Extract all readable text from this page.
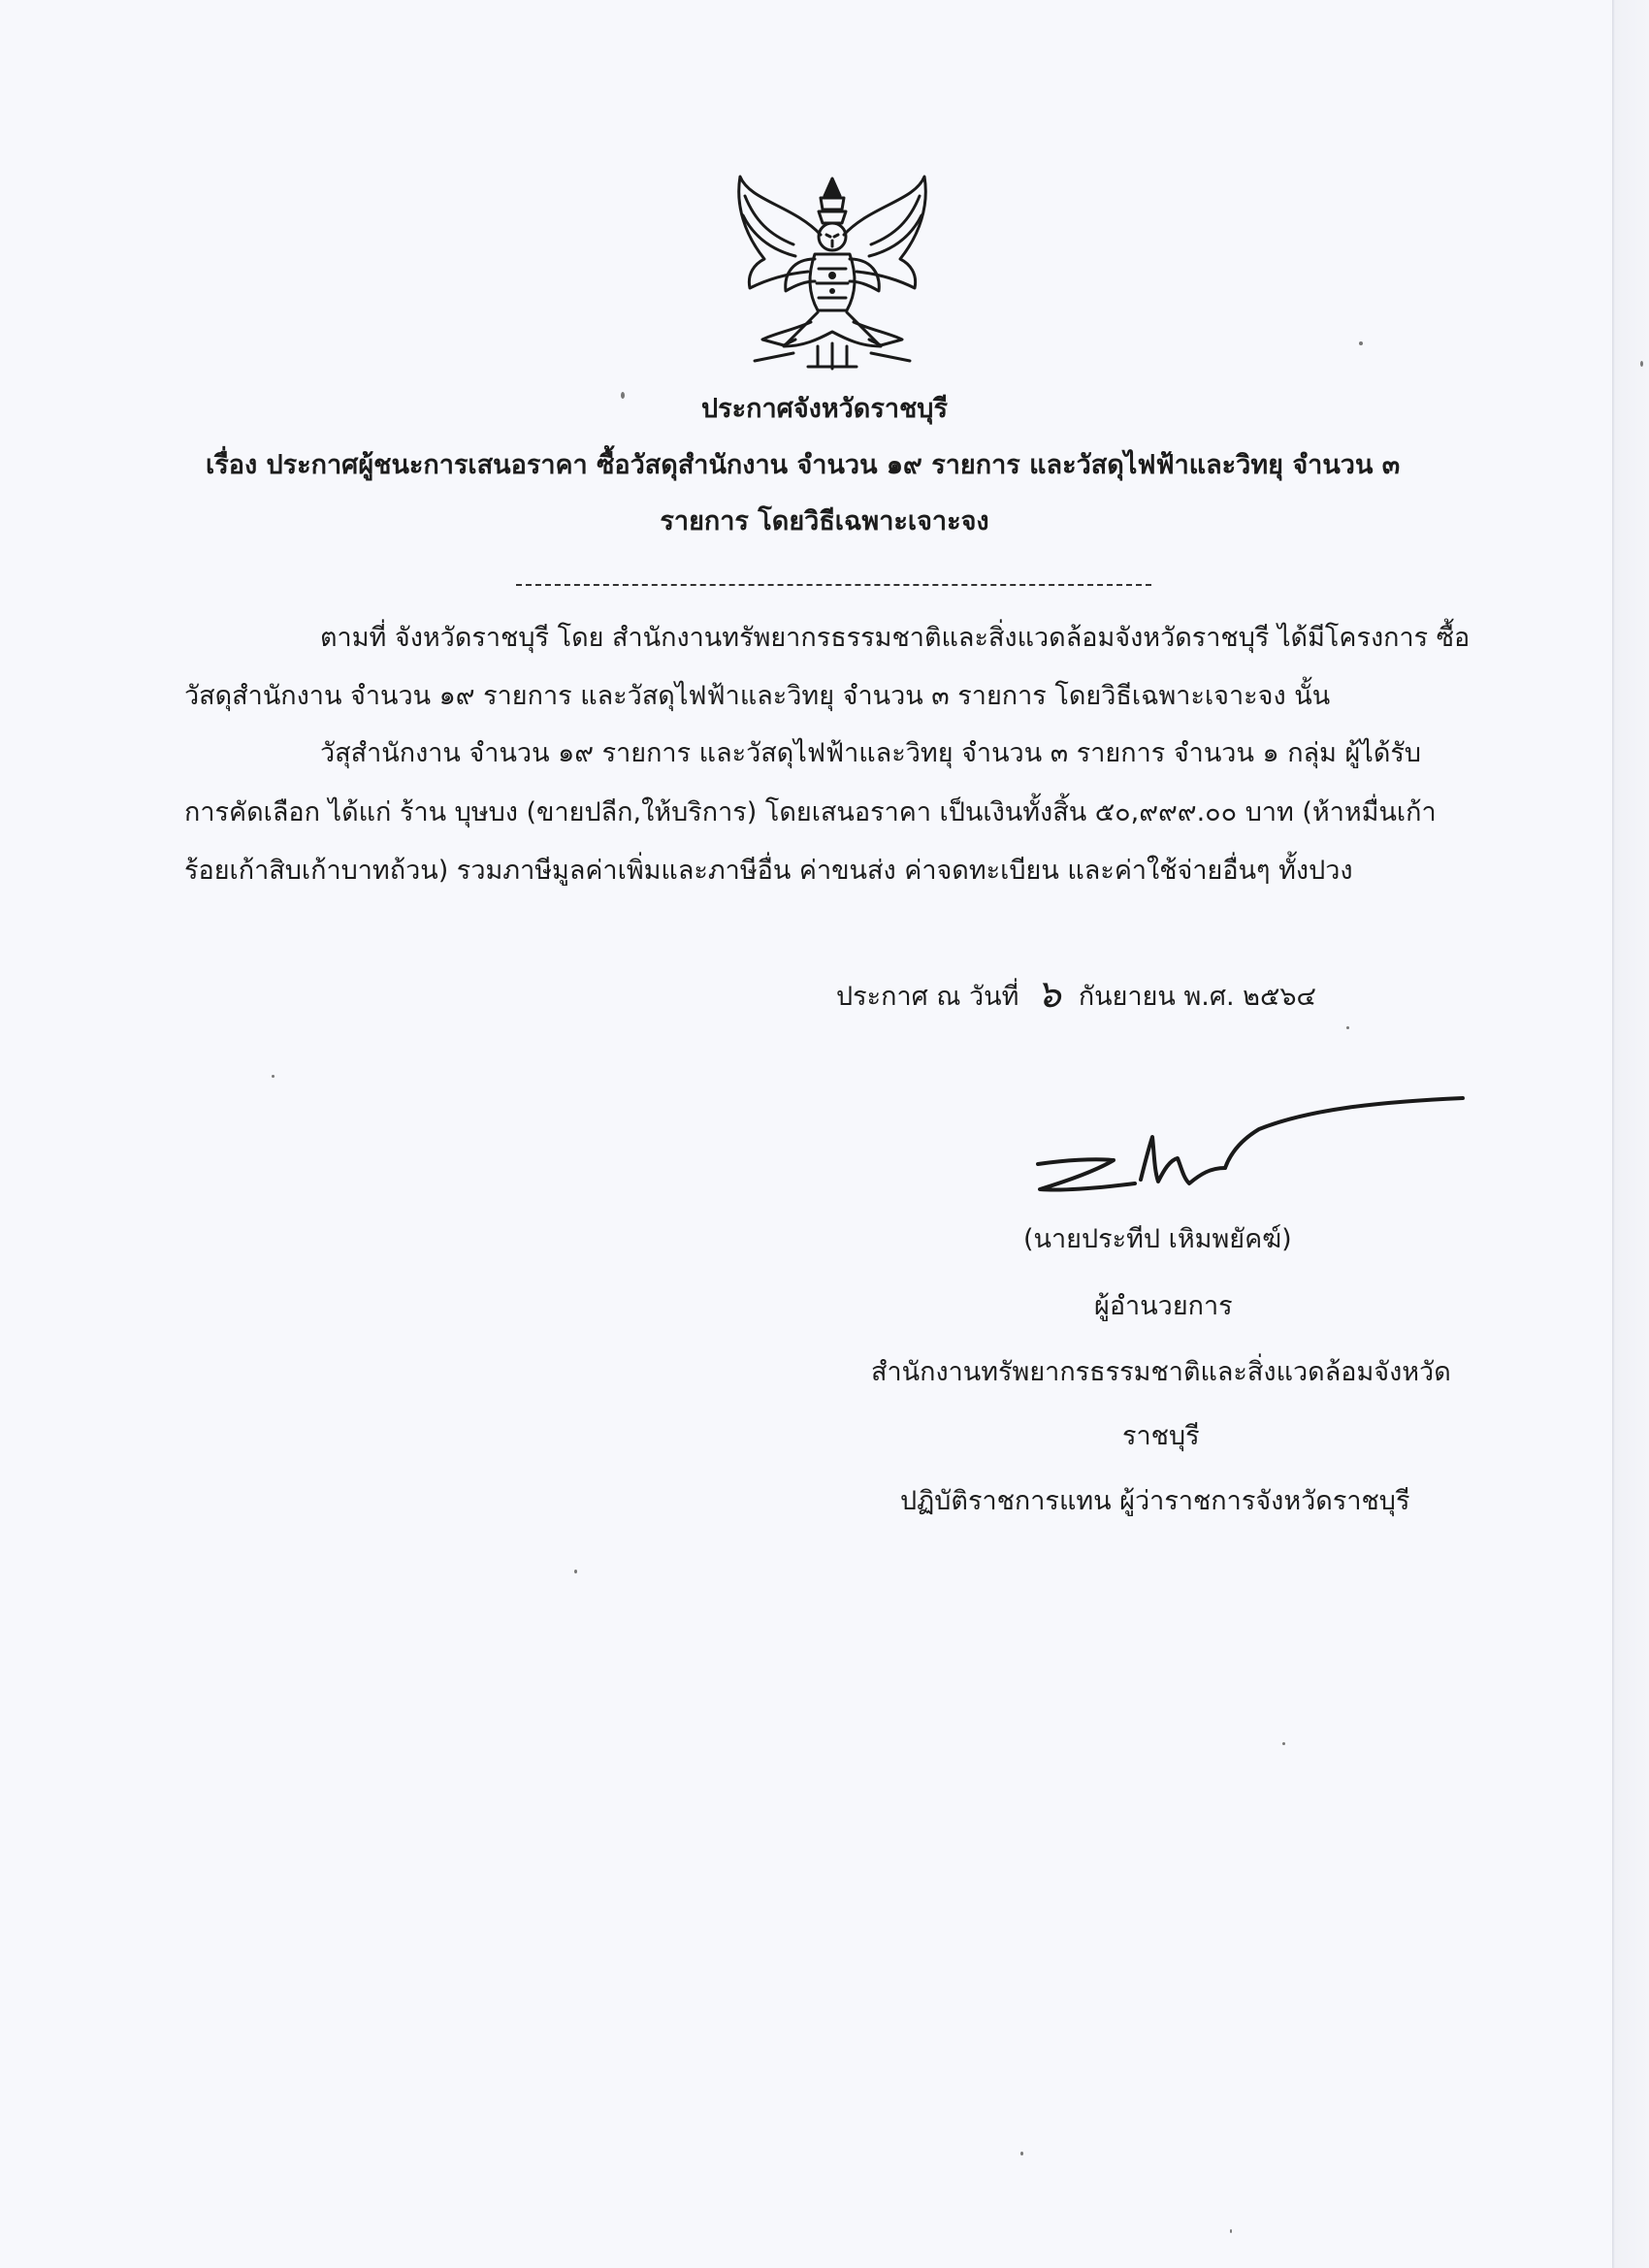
ประกาศจังหวัดราชบุรี
เรื่อง ประกาศผู้ชนะการเสนอราคา ซื้อวัสดุสำนักงาน จำนวน ๑๙ รายการ และวัสดุไฟฟ้าและวิทยุ จำนวน ๓
รายการ โดยวิธีเฉพาะเจาะจง
ตามที่ จังหวัดราชบุรี โดย สำนักงานทรัพยากรธรรมชาติและสิ่งแวดล้อมจังหวัดราชบุรี ได้มีโครงการ ซื้อ
วัสดุสำนักงาน จำนวน ๑๙ รายการ และวัสดุไฟฟ้าและวิทยุ จำนวน ๓ รายการ โดยวิธีเฉพาะเจาะจง นั้น
วัสุสำนักงาน จำนวน ๑๙ รายการ และวัสดุไฟฟ้าและวิทยุ จำนวน ๓ รายการ จำนวน ๑ กลุ่ม ผู้ได้รับ
การคัดเลือก ได้แก่ ร้าน บุษบง (ขายปลีก,ให้บริการ) โดยเสนอราคา เป็นเงินทั้งสิ้น ๕๐,๙๙๙.๐๐ บาท (ห้าหมื่นเก้า
ร้อยเก้าสิบเก้าบาทถ้วน) รวมภาษีมูลค่าเพิ่มและภาษีอื่น ค่าขนส่ง ค่าจดทะเบียน และค่าใช้จ่ายอื่นๆ ทั้งปวง
ประกาศ ณ วันที่ ๖ กันยายน พ.ศ. ๒๕๖๔
(นายประทีป เหิมพยัคฆ์)
ผู้อำนวยการ
สำนักงานทรัพยากรธรรมชาติและสิ่งแวดล้อมจังหวัด
ราชบุรี
ปฏิบัติราชการแทน ผู้ว่าราชการจังหวัดราชบุรี
